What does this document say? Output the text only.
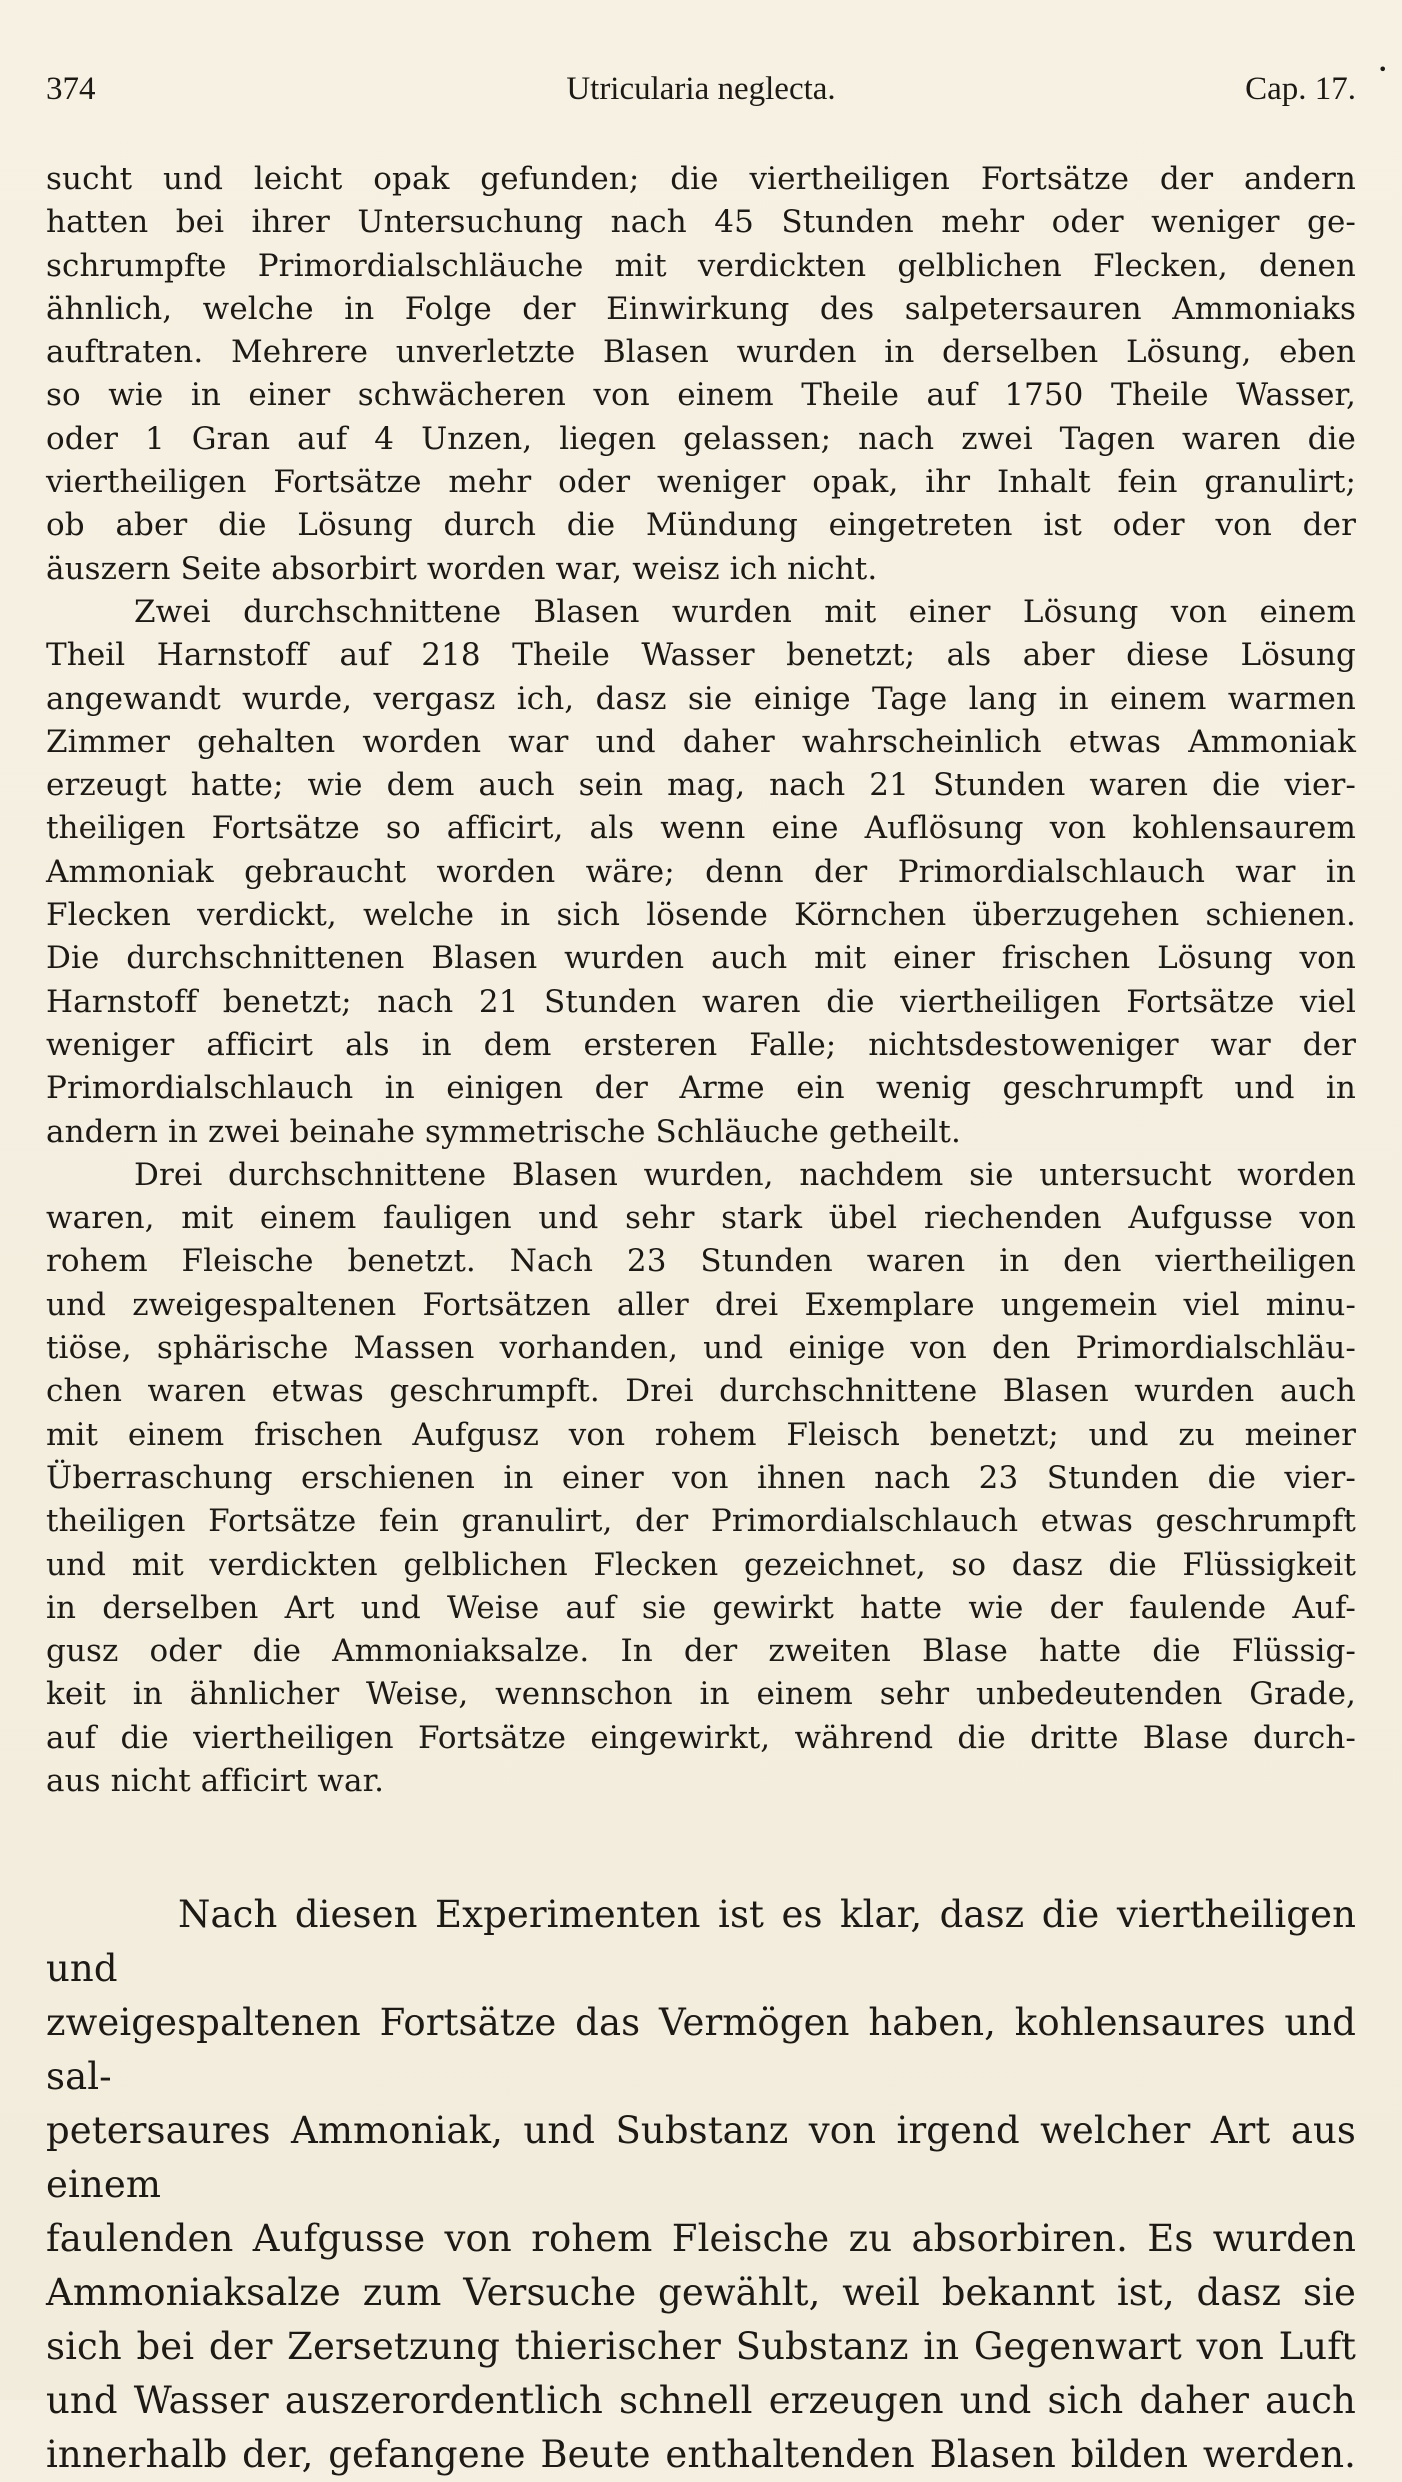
374	Utricularia neglecta.	Cap. 17.
•

sucht und leicht opak gefunden; die viertheiligen Fortsätze der andern

hatten bei ihrer Untersuchung nach 45 Stunden mehr oder weniger ge-

schrumpfte Primordialschläuche mit verdickten gelblichen Flecken, denen

ähnlich, welche in Folge der Einwirkung des salpetersauren Ammoniaks

auftraten. Mehrere unverletzte Blasen wurden in derselben Lösung, eben

so wie in einer schwächeren von einem Theile auf 1750 Theile Wasser,

oder 1 Gran auf 4 Unzen, liegen gelassen; nach zwei Tagen waren die

viertheiligen Fortsätze mehr oder weniger opak, ihr Inhalt fein granulirt;

ob aber die Lösung durch die Mündung eingetreten ist oder von der

äuszern Seite absorbirt worden war, weisz ich nicht.

Zwei durchschnittene Blasen wurden mit einer Lösung von einem

Theil Harnstoff auf 218 Theile Wasser benetzt; als aber diese Lösung

angewandt wurde, vergasz ich, dasz sie einige Tage lang in einem warmen

Zimmer gehalten worden war und daher wahrscheinlich etwas Ammoniak

erzeugt hatte; wie dem auch sein mag, nach 21 Stunden waren die vier-

theiligen Fortsätze so afficirt, als wenn eine Auflösung von kohlensaurem

Ammoniak gebraucht worden wäre; denn der Primordialschlauch war in

Flecken verdickt, welche in sich lösende Körnchen überzugehen schienen.

Die durchschnittenen Blasen wurden auch mit einer frischen Lösung von

Harnstoff benetzt; nach 21 Stunden waren die viertheiligen Fortsätze viel

weniger afficirt als in dem ersteren Falle; nichtsdestoweniger war der

Primordialschlauch in einigen der Arme ein wenig geschrumpft und in

andern in zwei beinahe symmetrische Schläuche getheilt.

Drei durchschnittene Blasen wurden, nachdem sie untersucht worden

waren, mit einem fauligen und sehr stark übel riechenden Aufgusse von

rohem Fleische benetzt. Nach 23 Stunden waren in den viertheiligen

und zweigespaltenen Fortsätzen aller drei Exemplare ungemein viel minu-

tiöse, sphärische Massen vorhanden, und einige von den Primordialschläu-

chen waren etwas geschrumpft. Drei durchschnittene Blasen wurden auch

mit einem frischen Aufgusz von rohem Fleisch benetzt; und zu meiner

Überraschung erschienen in einer von ihnen nach 23 Stunden die vier-

theiligen Fortsätze fein granulirt, der Primordialschlauch etwas geschrumpft

und mit verdickten gelblichen Flecken gezeichnet, so dasz die Flüssigkeit

in derselben Art und Weise auf sie gewirkt hatte wie der faulende Auf-

gusz oder die Ammoniaksalze. In der zweiten Blase hatte die Flüssig-

keit in ähnlicher Weise, wennschon in einem sehr unbedeutenden Grade,

auf die viertheiligen Fortsätze eingewirkt, während die dritte Blase durch-

aus nicht afficirt war.

Nach diesen Experimenten ist es klar, dasz die viertheiligen und

zweigespaltenen Fortsätze das Vermögen haben, kohlensaures und sal-

petersaures Ammoniak, und Substanz von irgend welcher Art aus einem

faulenden Aufgusse von rohem Fleische zu absorbiren. Es wurden

Ammoniaksalze zum Versuche gewählt, weil bekannt ist, dasz sie

sich bei der Zersetzung thierischer Substanz in Gegenwart von Luft

und Wasser auszerordentlich schnell erzeugen und sich daher auch

innerhalb der, gefangene Beute enthaltenden Blasen bilden werden.
